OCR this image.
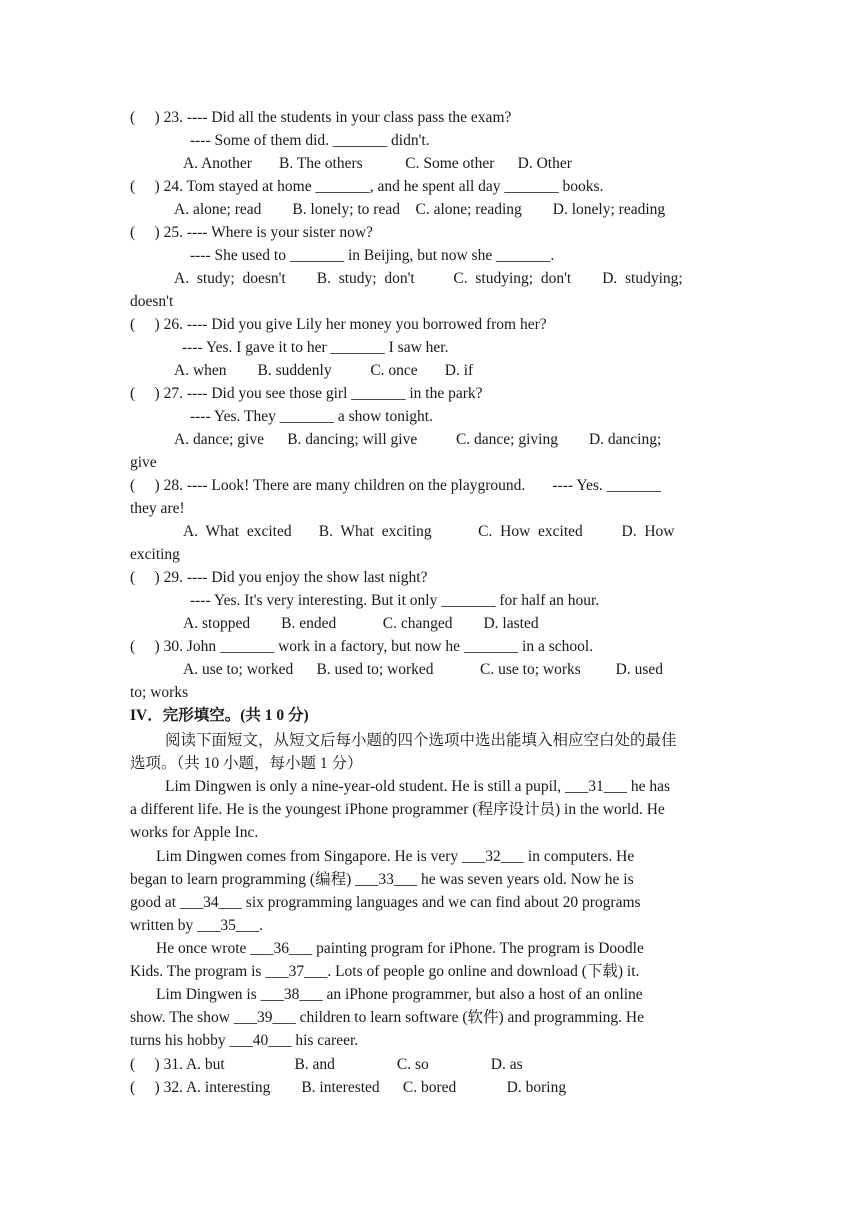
(     ) 23. ---- Did all the students in your class pass the exam?
---- Some of them did. _______ didn't.
A. Another       B. The others           C. Some other      D. Other
(     ) 24. Tom stayed at home _______, and he spent all day _______ books.
A. alone; read        B. lonely; to read    C. alone; reading        D. lonely; reading
(     ) 25. ---- Where is your sister now?
---- She used to _______ in Beijing, but now she _______.
A.  study;  doesn't        B.  study;  don't          C.  studying;  don't        D.  studying;
doesn't
(     ) 26. ---- Did you give Lily her money you borrowed from her?
---- Yes. I gave it to her _______ I saw her.
A. when        B. suddenly          C. once       D. if
(     ) 27. ---- Did you see those girl _______ in the park?
---- Yes. They _______ a show tonight.
A. dance; give      B. dancing; will give          C. dance; giving        D. dancing;
give
(     ) 28. ---- Look! There are many children on the playground.       ---- Yes. _______
they are!
A.  What  excited       B.  What  exciting            C.  How  excited          D.  How
exciting
(     ) 29. ---- Did you enjoy the show last night?
---- Yes. It's very interesting. But it only _______ for half an hour.
A. stopped        B. ended            C. changed        D. lasted
(     ) 30. John _______ work in a factory, but now he _______ in a school.
A. use to; worked      B. used to; worked            C. use to; works         D. used
to; works
IV．完形填空。(共 1 0 分)
阅读下面短文，从短文后每小题的四个选项中选出能填入相应空白处的最佳
选项。（共 10 小题，每小题 1 分）
Lim Dingwen is only a nine-year-old student. He is still a pupil, ___31___ he has
a different life. He is the youngest iPhone programmer (程序设计员) in the world. He
works for Apple Inc.
Lim Dingwen comes from Singapore. He is very ___32___ in computers. He
began to learn programming (编程) ___33___ he was seven years old. Now he is
good at ___34___ six programming languages and we can find about 20 programs
written by ___35___.
He once wrote ___36___ painting program for iPhone. The program is Doodle
Kids. The program is ___37___. Lots of people go online and download (下载) it.
Lim Dingwen is ___38___ an iPhone programmer, but also a host of an online
show. The show ___39___ children to learn software (软件) and programming. He
turns his hobby ___40___ his career.
(     ) 31. A. but                  B. and                C. so                D. as
(     ) 32. A. interesting        B. interested      C. bored             D. boring
